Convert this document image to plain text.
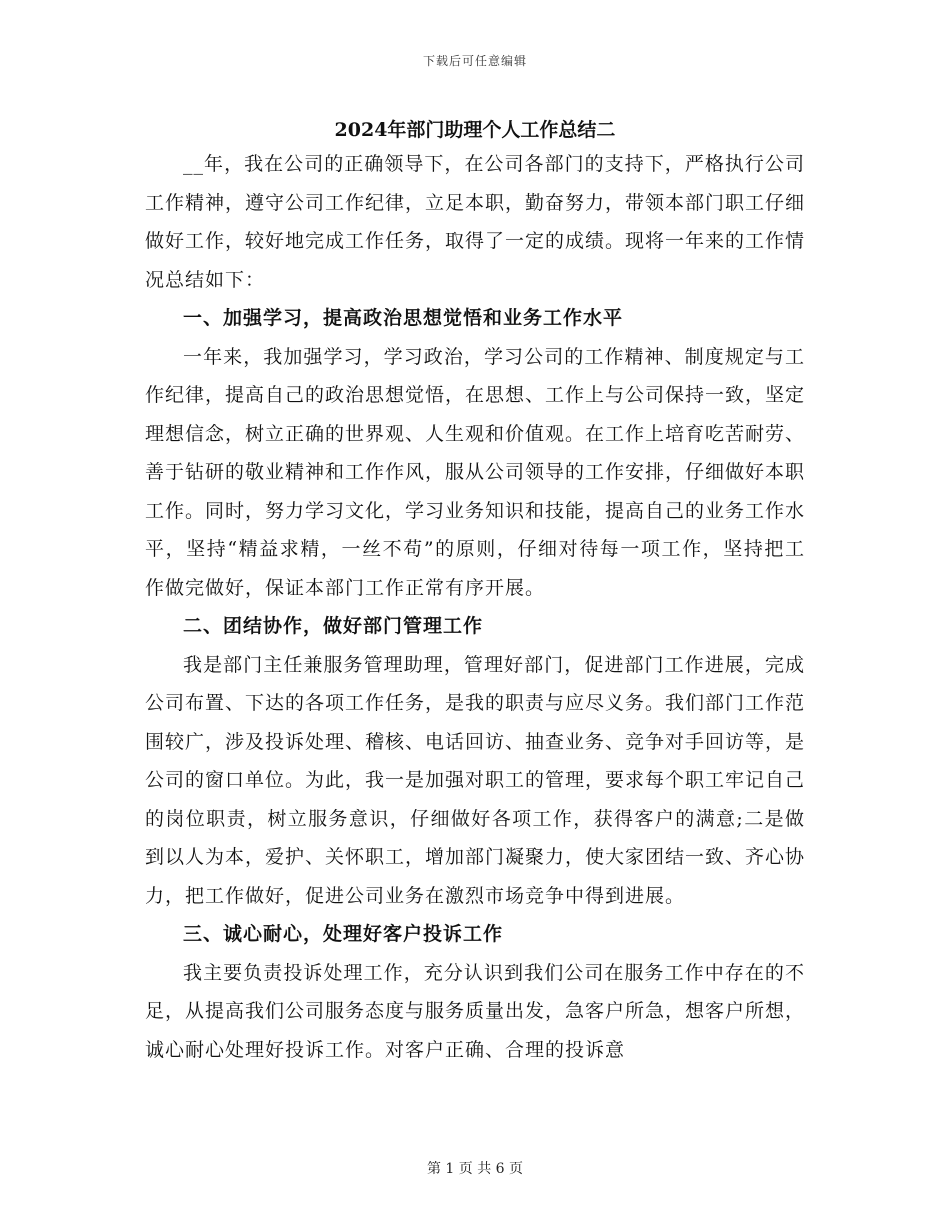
下载后可任意编辑
2024年部门助理个人工作总结二

__年，我在公司的正确领导下，在公司各部门的支持下，严格执行公司工作精神，遵守公司工作纪律，立足本职，勤奋努力，带领本部门职工仔细做好工作，较好地完成工作任务，取得了一定的成绩。现将一年来的工作情况总结如下：

一、加强学习，提高政治思想觉悟和业务工作水平

一年来，我加强学习，学习政治，学习公司的工作精神、制度规定与工作纪律，提高自己的政治思想觉悟，在思想、工作上与公司保持一致，坚定理想信念，树立正确的世界观、人生观和价值观。在工作上培育吃苦耐劳、善于钻研的敬业精神和工作作风，服从公司领导的工作安排，仔细做好本职工作。同时，努力学习文化，学习业务知识和技能，提高自己的业务工作水平，坚持“精益求精，一丝不苟”的原则，仔细对待每一项工作，坚持把工作做完做好，保证本部门工作正常有序开展。

二、团结协作，做好部门管理工作

我是部门主任兼服务管理助理，管理好部门，促进部门工作进展，完成公司布置、下达的各项工作任务，是我的职责与应尽义务。我们部门工作范围较广，涉及投诉处理、稽核、电话回访、抽查业务、竞争对手回访等，是公司的窗口单位。为此，我一是加强对职工的管理，要求每个职工牢记自己的岗位职责，树立服务意识，仔细做好各项工作，获得客户的满意;二是做到以人为本，爱护、关怀职工，增加部门凝聚力，使大家团结一致、齐心协力，把工作做好，促进公司业务在激烈市场竞争中得到进展。

三、诚心耐心，处理好客户投诉工作

我主要负责投诉处理工作，充分认识到我们公司在服务工作中存在的不足，从提高我们公司服务态度与服务质量出发，急客户所急，想客户所想，诚心耐心处理好投诉工作。对客户正确、合理的投诉意

第 1 页 共 6 页
